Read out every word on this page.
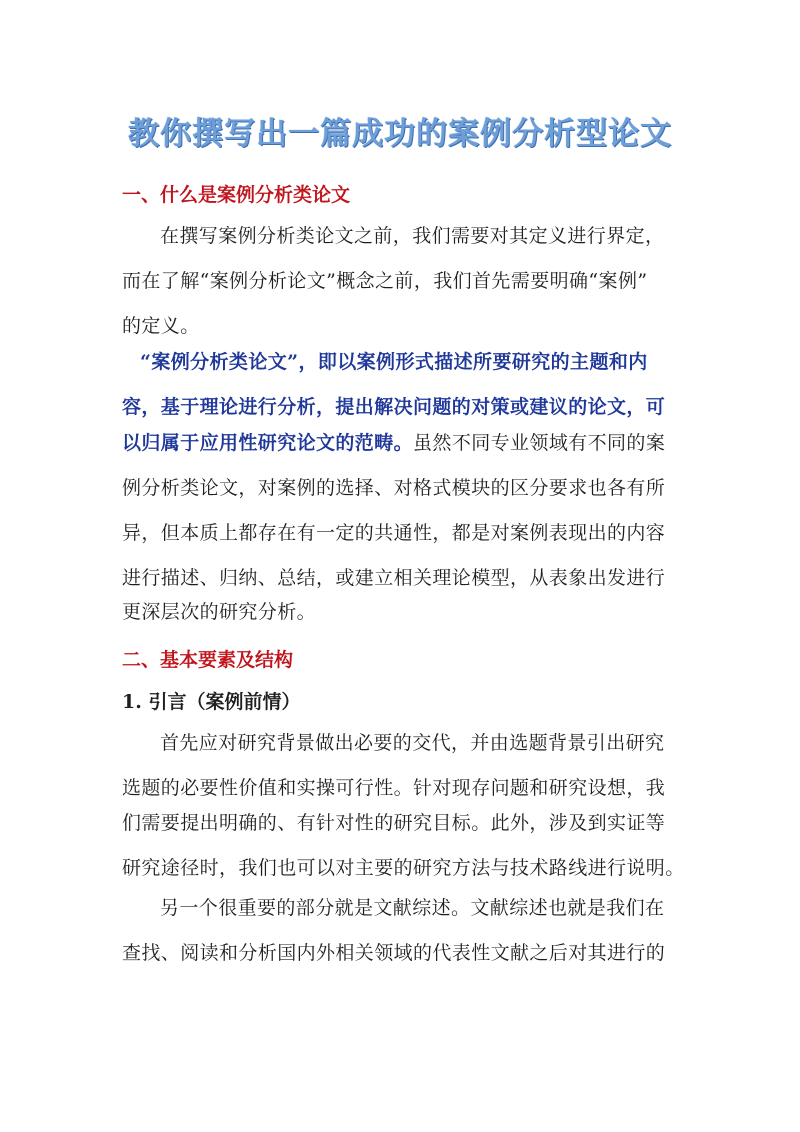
教你撰写出一篇成功的案例分析型论文
一、什么是案例分析类论文

在撰写案例分析类论文之前，我们需要对其定义进行界定，

而在了解“案例分析论文”概念之前，我们首先需要明确“案例”

的定义。

“案例分析类论文”，即以案例形式描述所要研究的主题和内

容，基于理论进行分析，提出解决问题的对策或建议的论文，可

以归属于应用性研究论文的范畴。虽然不同专业领域有不同的案

例分析类论文，对案例的选择、对格式模块的区分要求也各有所

异，但本质上都存在有一定的共通性，都是对案例表现出的内容

进行描述、归纳、总结，或建立相关理论模型，从表象出发进行

更深层次的研究分析。

二、基本要素及结构
1. 引言（案例前情）

首先应对研究背景做出必要的交代，并由选题背景引出研究

选题的必要性价值和实操可行性。针对现存问题和研究设想，我

们需要提出明确的、有针对性的研究目标。此外，涉及到实证等

研究途径时，我们也可以对主要的研究方法与技术路线进行说明。

另一个很重要的部分就是文献综述。文献综述也就是我们在

查找、阅读和分析国内外相关领域的代表性文献之后对其进行的
